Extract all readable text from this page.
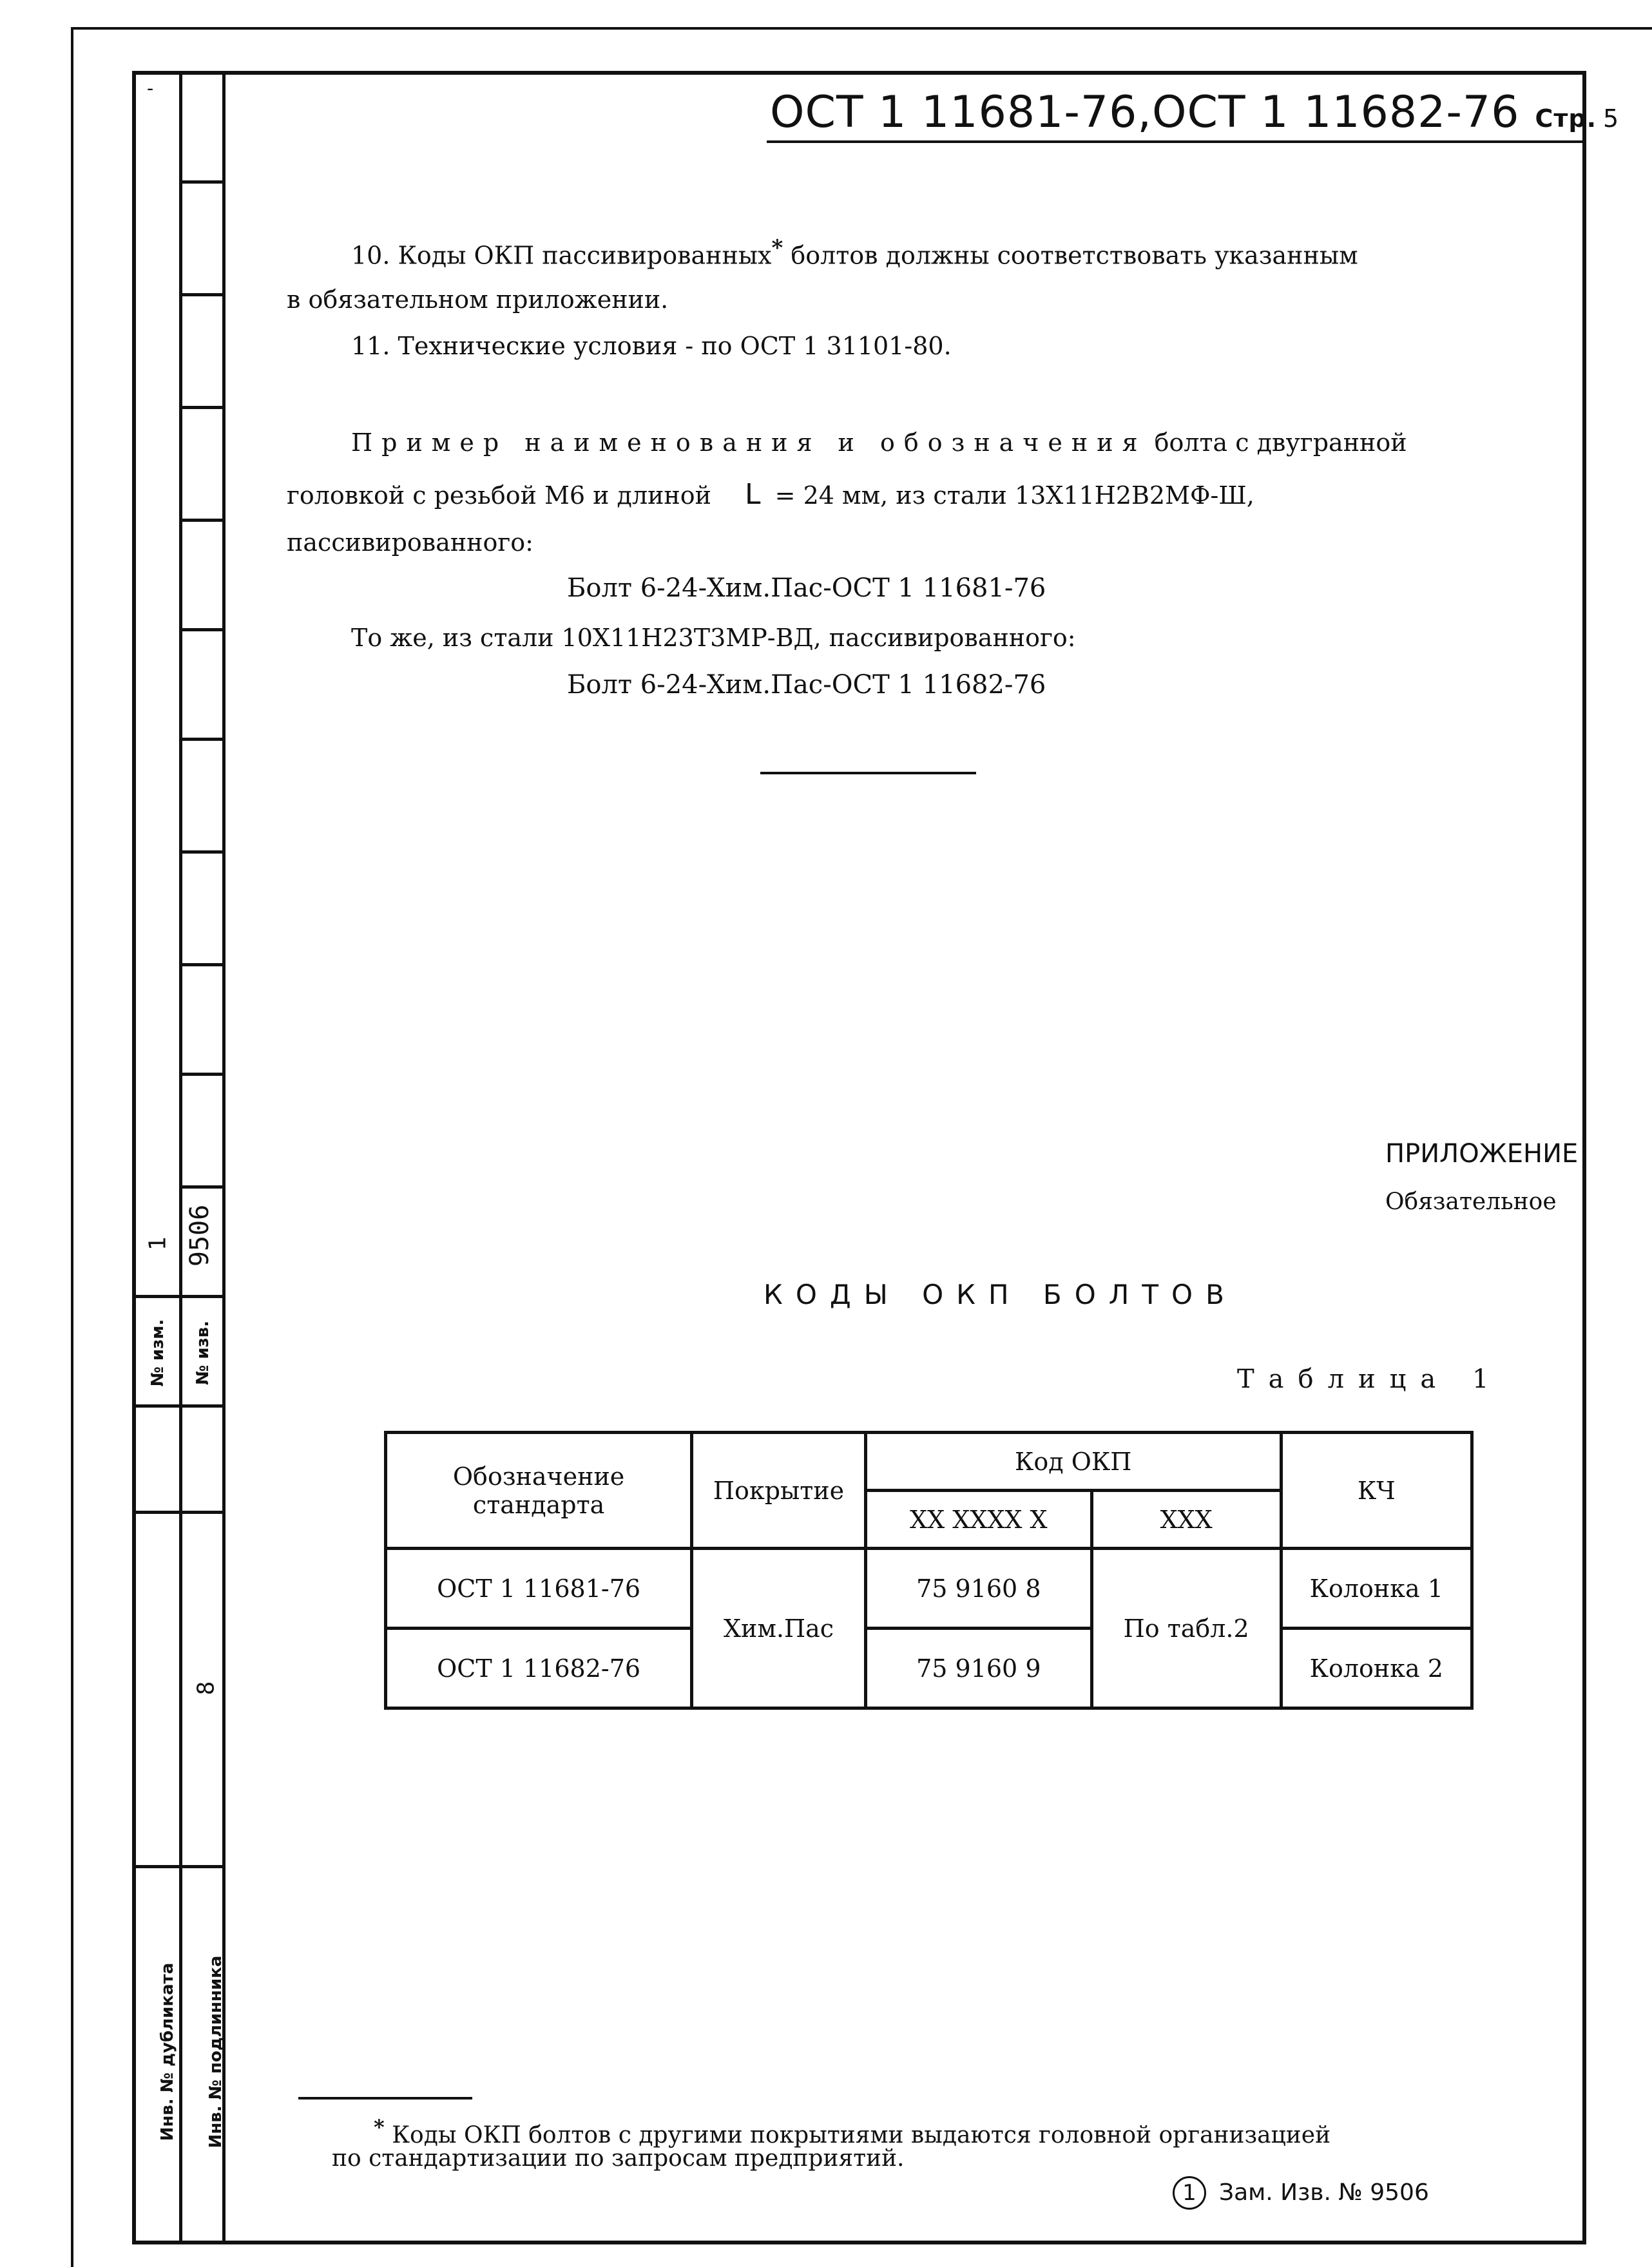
-
1 9506
№ изм. № изв.
8
Инв. № дубликата Инв. № подлинника
ОСТ 1 11681-76,ОСТ 1 11682-76 Стр. 5
10. Коды ОКП пассивированных* болтов должны соответствовать указанным
в обязательном приложении.
11. Технические условия - по ОСТ 1 31101-80.
Пример наименования и обозначения болта с двугранной
головкой с резьбой М6 и длиной L = 24 мм, из стали 13Х11Н2В2МФ-Ш,
пассивированного:
Болт 6-24-Хим.Пас-ОСТ 1 11681-76
То же, из стали 10Х11Н23Т3МР-ВД, пассивированного:
Болт 6-24-Хим.Пас-ОСТ 1 11682-76
ПРИЛОЖЕНИЕ
Обязательное
КОДЫ ОКП БОЛТОВ
Таблица 1
Обозначение стандарта	Покрытие	Код ОКП		КЧ
		ХХ ХХХХ Х	ХХХ	
ОСТ 1 11681-76	Хим.Пас	75 9160 8	По табл.2	Колонка 1
ОСТ 1 11682-76		75 9160 9		Колонка 2
* Коды ОКП болтов с другими покрытиями выдаются головной организацией
по стандартизации по запросам предприятий.
1 Зам. Изв. № 9506
